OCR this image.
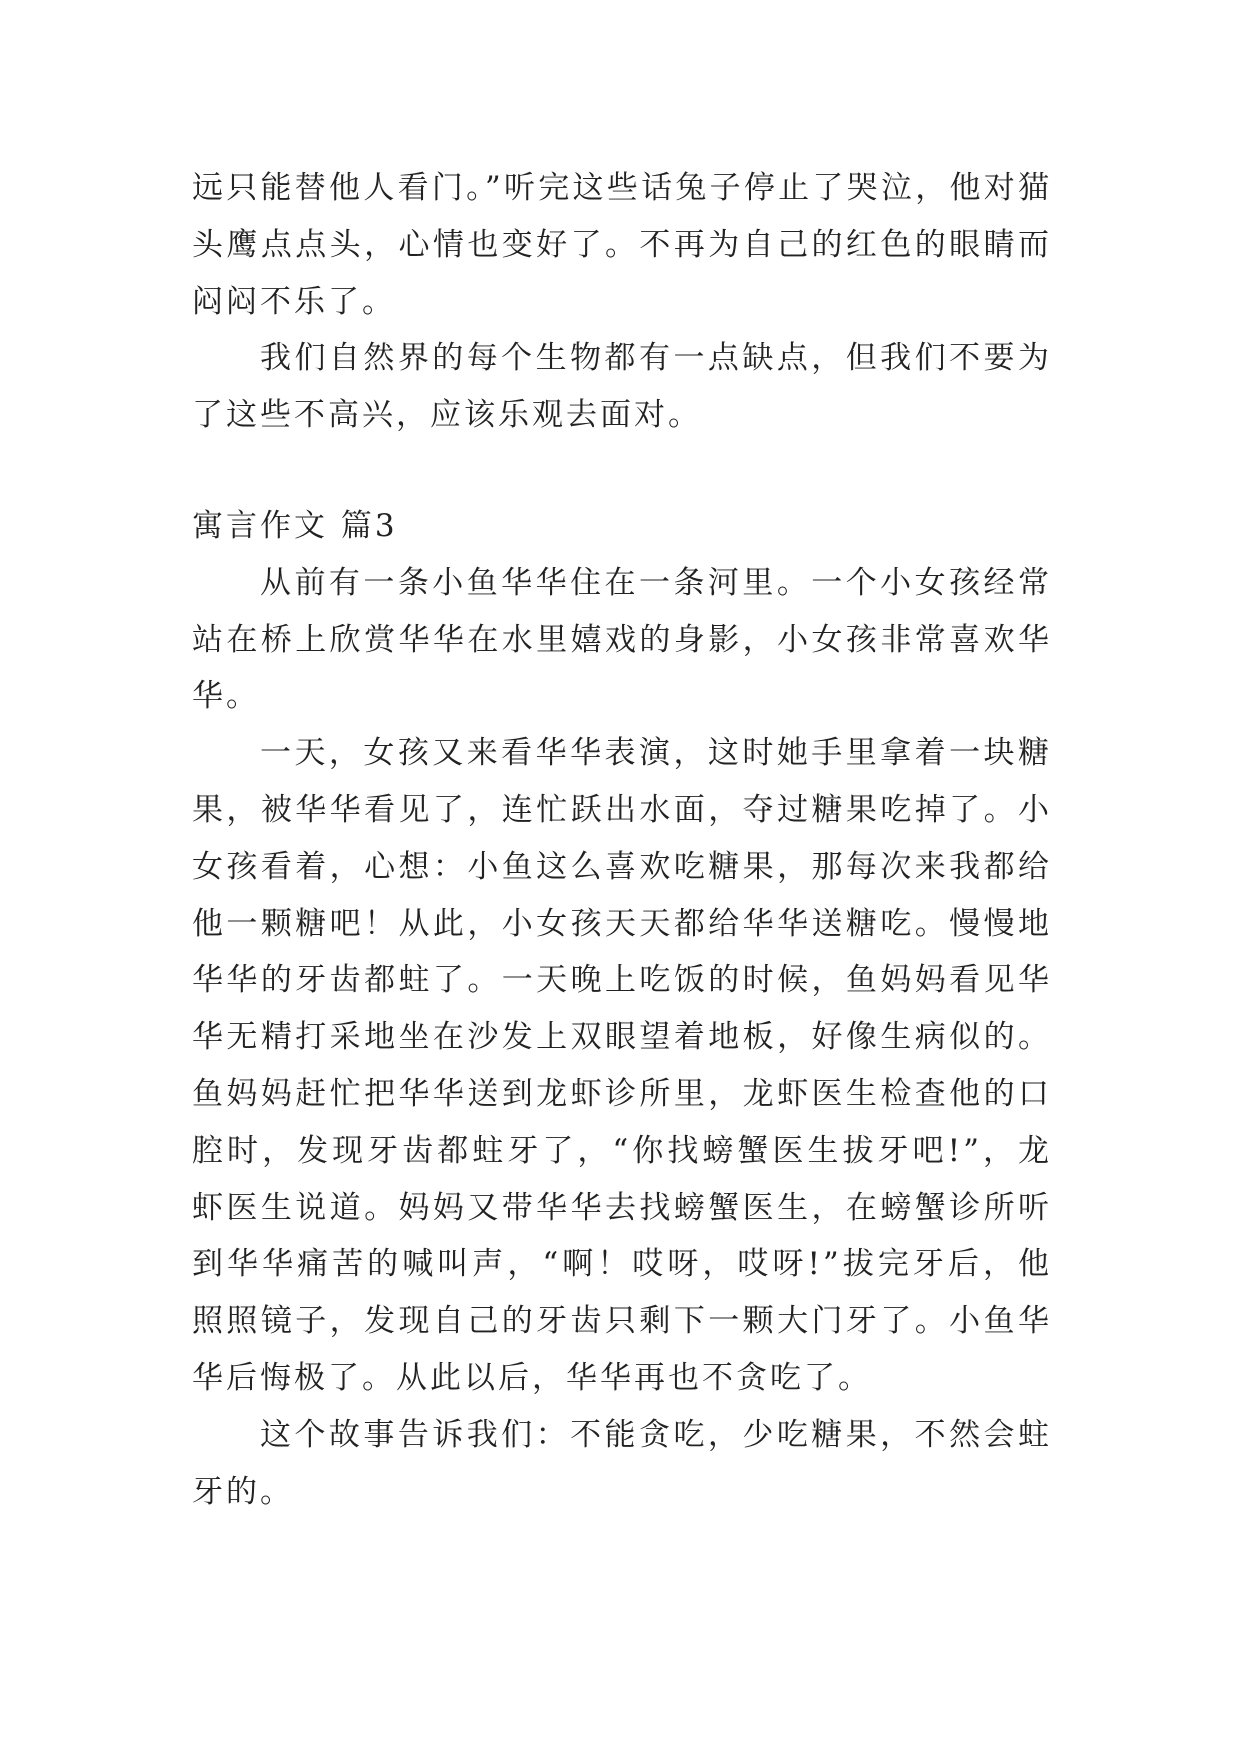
远只能替他人看门。”听完这些话兔子停止了哭泣，他对猫头鹰点点头，心情也变好了。不再为自己的红色的眼睛而闷闷不乐了。

我们自然界的每个生物都有一点缺点，但我们不要为了这些不高兴，应该乐观去面对。

寓言作文 篇3

从前有一条小鱼华华住在一条河里。一个小女孩经常站在桥上欣赏华华在水里嬉戏的身影，小女孩非常喜欢华华。

一天，女孩又来看华华表演，这时她手里拿着一块糖果，被华华看见了，连忙跃出水面，夺过糖果吃掉了。小女孩看着，心想：小鱼这么喜欢吃糖果，那每次来我都给他一颗糖吧！从此，小女孩天天都给华华送糖吃。慢慢地华华的牙齿都蛀了。一天晚上吃饭的时候，鱼妈妈看见华华无精打采地坐在沙发上双眼望着地板，好像生病似的。鱼妈妈赶忙把华华送到龙虾诊所里，龙虾医生检查他的口腔时，发现牙齿都蛀牙了，“你找螃蟹医生拔牙吧!”，龙虾医生说道。妈妈又带华华去找螃蟹医生，在螃蟹诊所听到华华痛苦的喊叫声，“啊！哎呀，哎呀!”拔完牙后，他照照镜子，发现自己的牙齿只剩下一颗大门牙了。小鱼华华后悔极了。从此以后，华华再也不贪吃了。

这个故事告诉我们：不能贪吃，少吃糖果，不然会蛀牙的。
